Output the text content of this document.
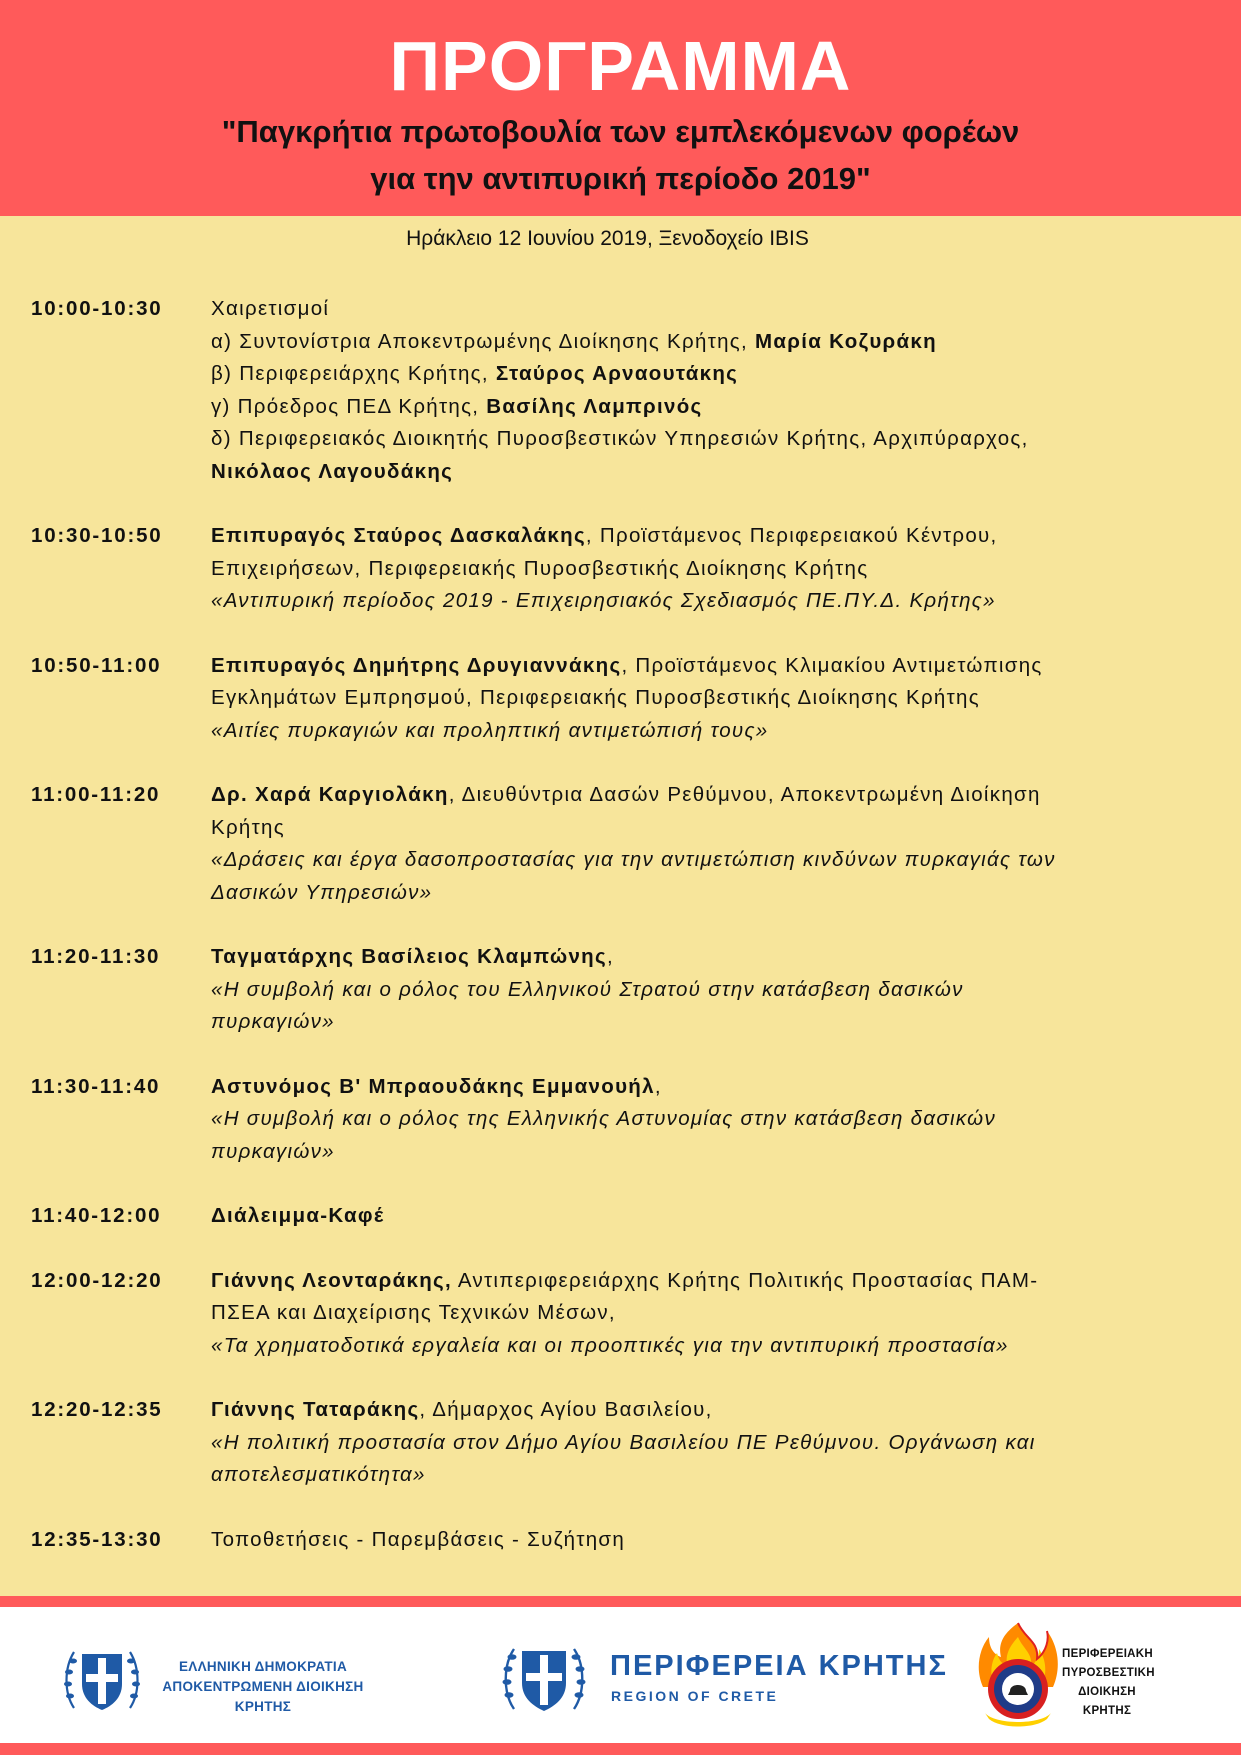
ΠΡΟΓΡΑΜΜΑ
"Παγκρήτια πρωτοβουλία των εμπλεκόμενων φορέων
για την αντιπυρική περίοδο 2019"
Ηράκλειο 12 Ιουνίου 2019, Ξενοδοχείο IBIS
10:00-10:30	Χαιρετισμοί
α) Συντονίστρια Αποκεντρωμένης Διοίκησης Κρήτης, Μαρία Κοζυράκη
β) Περιφερειάρχης Κρήτης, Σταύρος Αρναουτάκης
γ) Πρόεδρος ΠΕΔ Κρήτης, Βασίλης Λαμπρινός
δ) Περιφερειακός Διοικητής Πυροσβεστικών Υπηρεσιών Κρήτης, Αρχιπύραρχος,
Νικόλαος Λαγουδάκης
10:30-10:50	Επιπυραγός Σταύρος Δασκαλάκης, Προϊστάμενος Περιφερειακού Κέντρου,
Επιχειρήσεων, Περιφερειακής Πυροσβεστικής Διοίκησης Κρήτης
«Αντιπυρική περίοδος 2019 - Επιχειρησιακός Σχεδιασμός ΠΕ.ΠΥ.Δ. Κρήτης»
10:50-11:00	Επιπυραγός Δημήτρης Δρυγιαννάκης, Προϊστάμενος Κλιμακίου Αντιμετώπισης
Εγκλημάτων Εμπρησμού, Περιφερειακής Πυροσβεστικής Διοίκησης Κρήτης
«Αιτίες πυρκαγιών και προληπτική αντιμετώπισή τους»
11:00-11:20	Δρ. Χαρά Καργιολάκη, Διευθύντρια Δασών Ρεθύμνου, Αποκεντρωμένη Διοίκηση
Κρήτης
«Δράσεις και έργα δασοπροστασίας για την αντιμετώπιση κινδύνων πυρκαγιάς των
Δασικών Υπηρεσιών»
11:20-11:30	Ταγματάρχης Βασίλειος Κλαμπώνης,
«Η συμβολή και ο ρόλος του Ελληνικού Στρατού στην κατάσβεση δασικών
πυρκαγιών»
11:30-11:40	Αστυνόμος Β' Μπραουδάκης Εμμανουήλ,
«Η συμβολή και ο ρόλος της Ελληνικής Αστυνομίας στην κατάσβεση δασικών
πυρκαγιών»
11:40-12:00	Διάλειμμα-Καφέ
12:00-12:20	Γιάννης Λεονταράκης, Αντιπεριφερειάρχης Κρήτης Πολιτικής Προστασίας ΠΑΜ-
ΠΣΕΑ και Διαχείρισης Τεχνικών Μέσων,
«Τα χρηματοδοτικά εργαλεία και οι προοπτικές για την αντιπυρική προστασία»
12:20-12:35	Γιάννης Ταταράκης, Δήμαρχος Αγίου Βασιλείου,
«Η πολιτική προστασία στον Δήμο Αγίου Βασιλείου ΠΕ Ρεθύμνου. Οργάνωση και
αποτελεσματικότητα»
12:35-13:30	Τοποθετήσεις - Παρεμβάσεις - Συζήτηση
ΕΛΛΗΝΙΚΗ ΔΗΜΟΚΡΑΤΙΑ
ΑΠΟΚΕΝΤΡΩΜΕΝΗ ΔΙΟΙΚΗΣΗ ΚΡΗΤΗΣ
ΠΕΡΙΦΕΡΕΙΑ ΚΡΗΤΗΣ
REGION OF CRETE
ΠΕΡΙΦΕΡΕΙΑΚΗ
ΠΥΡΟΣΒΕΣΤΙΚΗ
ΔΙΟΙΚΗΣΗ
ΚΡΗΤΗΣ
